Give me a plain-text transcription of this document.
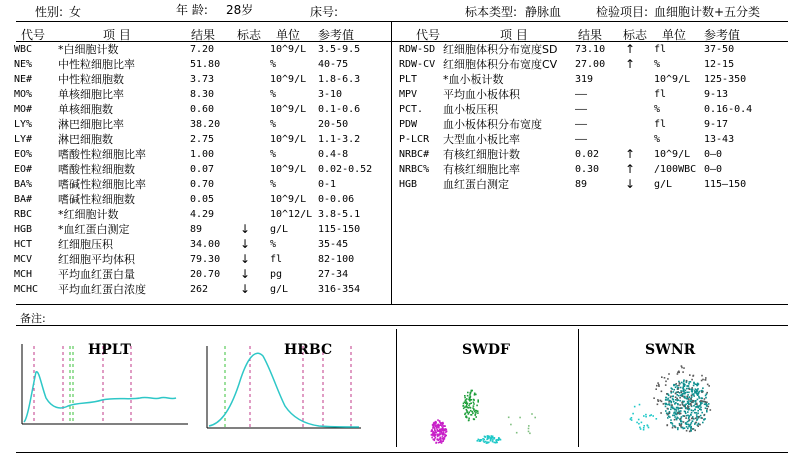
性别: 女	年 龄: 28岁	床号:	标本类型: 静脉血	检验项目: 血细胞计数+五分类
代号	项 目	结果 标志 单位 参考值	代号	项 目	结果 标志 单位 参考值
WBC *白细胞计数	7.20	10^9/L 3.5-9.5
NE% 中性粒细胞比率	51.80	%	40-75
NE# 中性粒细胞数	3.73	10^9/L 1.8-6.3
MO% 单核细胞比率	8.30	%	3-10
MO# 单核细胞数	0.60	10^9/L 0.1-0.6
LY% 淋巴细胞比率	38.20	%	20-50
LY# 淋巴细胞数	2.75	10^9/L 1.1-3.2
EO% 嗜酸性粒细胞比率	1.00	%	0.4-8
EO# 嗜酸性粒细胞数	0.07	10^9/L 0.02-0.52
BA% 嗜碱性粒细胞比率	0.70	%	0-1
BA# 嗜碱性粒细胞数	0.05	10^9/L 0-0.06
RBC *红细胞计数	4.29	10^12/L 3.8-5.1
HGB *血红蛋白测定	89	↓ g/L	115-150
HCT 红细胞压积	34.00 ↓ %	35-45
MCV 红细胞平均体积	79.30 ↓ fl	82-100
MCH 平均血红蛋白量	20.70 ↓ pg	27-34
MCHC 平均血红蛋白浓度	262	↓ g/L	316-354
RDW-SD 红细胞体积分布宽度SD 73.10 ↑ fl	37-50
RDW-CV 红细胞体积分布宽度CV 27.00 ↑ %	12-15
PLT *血小板计数	319	10^9/L 125-350
MPV 平均血小板体积	——	fl	9-13
PCT. 血小板压积	——	%	0.16-0.4
PDW 血小板体积分布宽度	——	fl	9-17
P-LCR 大型血小板比率	——	%	13-43
NRBC# 有核红细胞计数	0.02 ↑ 10^9/L 0—0
NRBC% 有核红细胞比率	0.30 ↑ /100WBC 0—0
HGB 血红蛋白测定	89	↓ g/L	115—150
备注:
HPLT	HRBC	SWDF	SWNR
